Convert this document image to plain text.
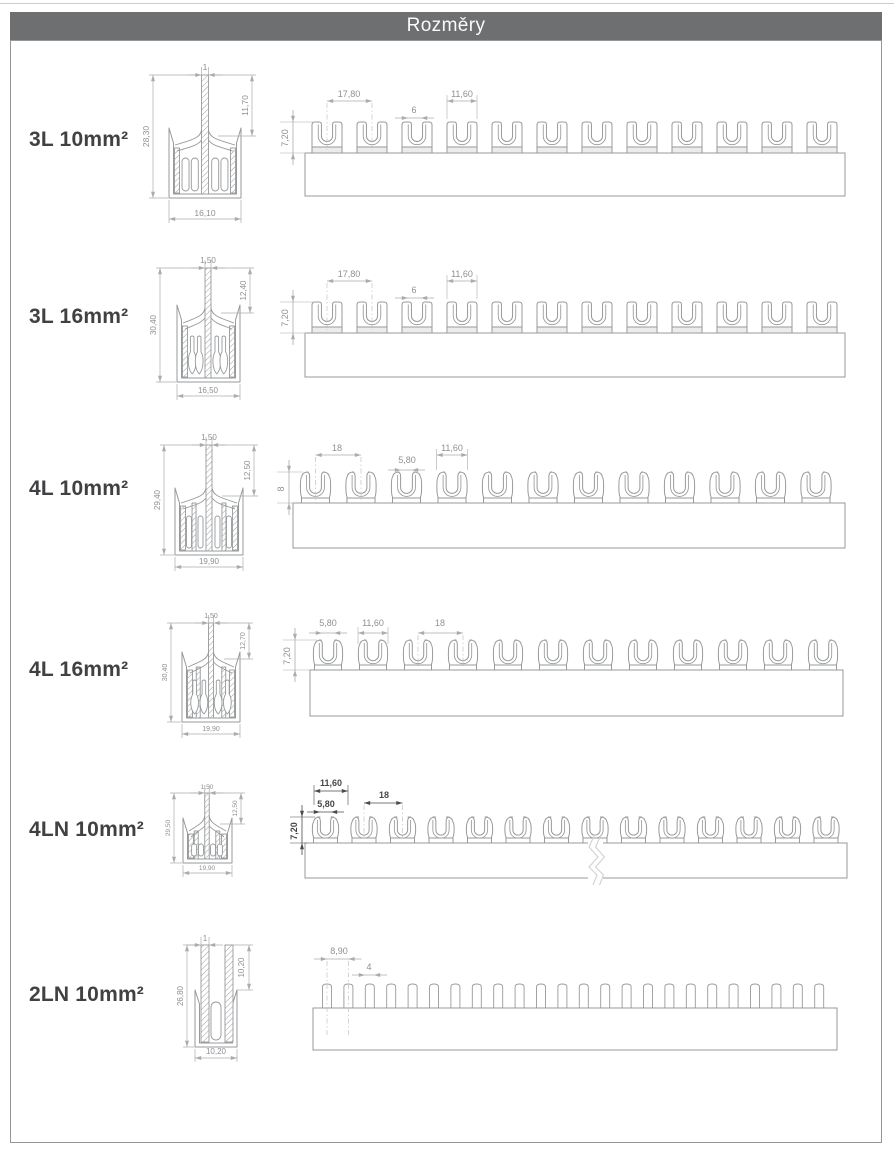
Rozměry
3L 10mm²
3L 16mm²
4L 10mm²
4L 16mm²
4LN 10mm²
2LN 10mm²
1
28,30
11,70
16,10
17,80	11,60
6
7,20
1,50
30,40
12,40
16,50
17,80	11,60
6
7,20
1,50
29,40
12,50
19,90
18
5,80
11,60
8
1,50
30,40
12,70
19,90
5,80	11,60	18
7,20
1,50
29,50
12,50
19,90
11,60
5,80
18
7,20
1
26,80
10,20
10,20
8,90
4
